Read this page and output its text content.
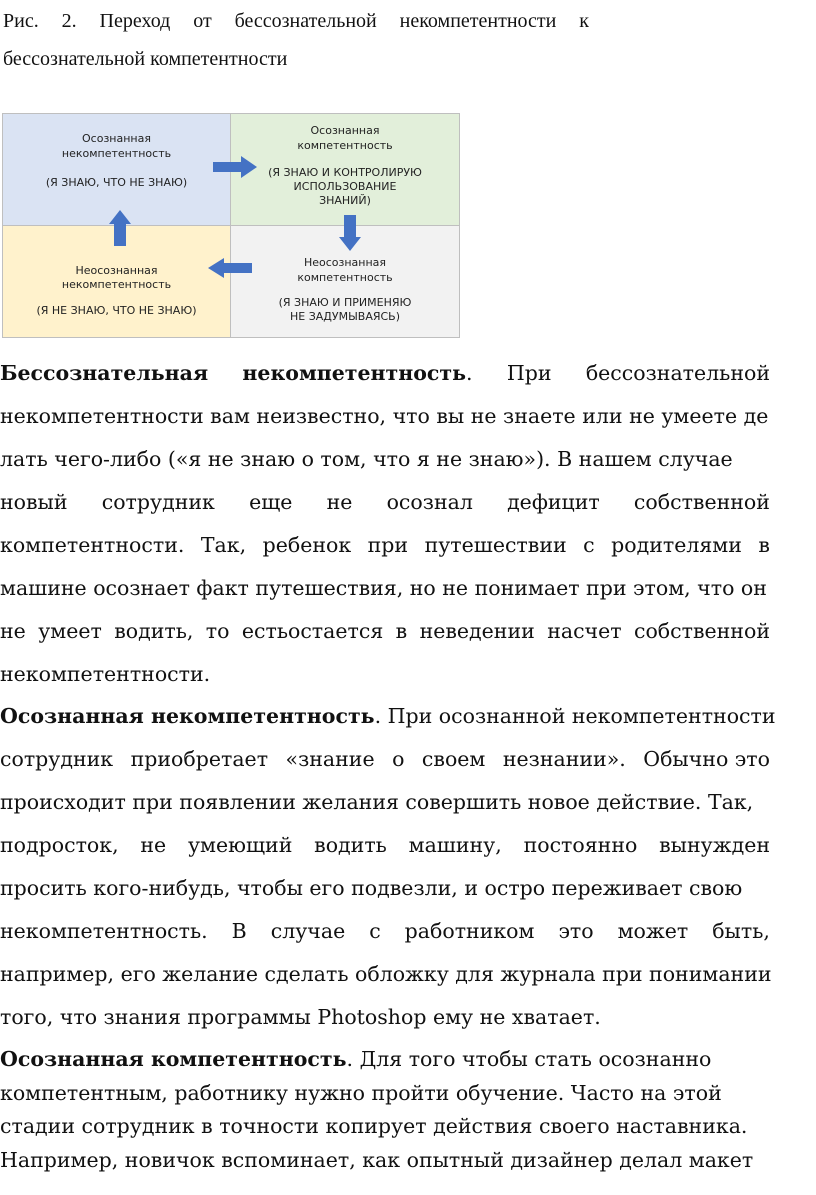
Рис. 2. Переход от бессознательной некомпетентности к
бессознательной компетентности
Осознанная
некомпетентность
(Я ЗНАЮ, ЧТО НЕ ЗНАЮ)
Осознанная
компетентность
(Я ЗНАЮ И КОНТРОЛИРУЮ
ИСПОЛЬЗОВАНИЕ
ЗНАНИЙ)
Неосознанная
некомпетентность
(Я НЕ ЗНАЮ, ЧТО НЕ ЗНАЮ)
Неосознанная
компетентность
(Я ЗНАЮ И ПРИМЕНЯЮ
НЕ ЗАДУМЫВАЯСЬ)
Бессознательная некомпетентность. При бессознательной
некомпетентности вам неизвестно, что вы не знаете или не умеете де
лать чего-либо («я не знаю о том, что я не знаю»). В нашем случае
новый сотрудник еще не осознал дефицит собственной
компетентности. Так, ребенок при путешествии с родителями в
машине осознает факт путешествия, но не понимает при этом, что он
не умеет водить, то естьостается в неведении насчет собственной
некомпетентности.
Осознанная некомпетентность. При осознанной некомпетентности
сотрудник приобретает «знание о своем незнании». Обычно это
происходит при появлении желания совершить новое действие. Так,
подросток, не умеющий водить машину, постоянно вынужден
просить кого-нибудь, чтобы его подвезли, и остро переживает свою
некомпетентность. В случае с работником это может быть,
например, его желание сделать обложку для журнала при понимании
того, что знания программы Photoshop ему не хватает.
Осознанная компетентность. Для того чтобы стать осознанно
компетентным, работнику нужно пройти обучение. Часто на этой
стадии сотрудник в точности копирует действия своего наставника.
Например, новичок вспоминает, как опытный дизайнер делал макет
